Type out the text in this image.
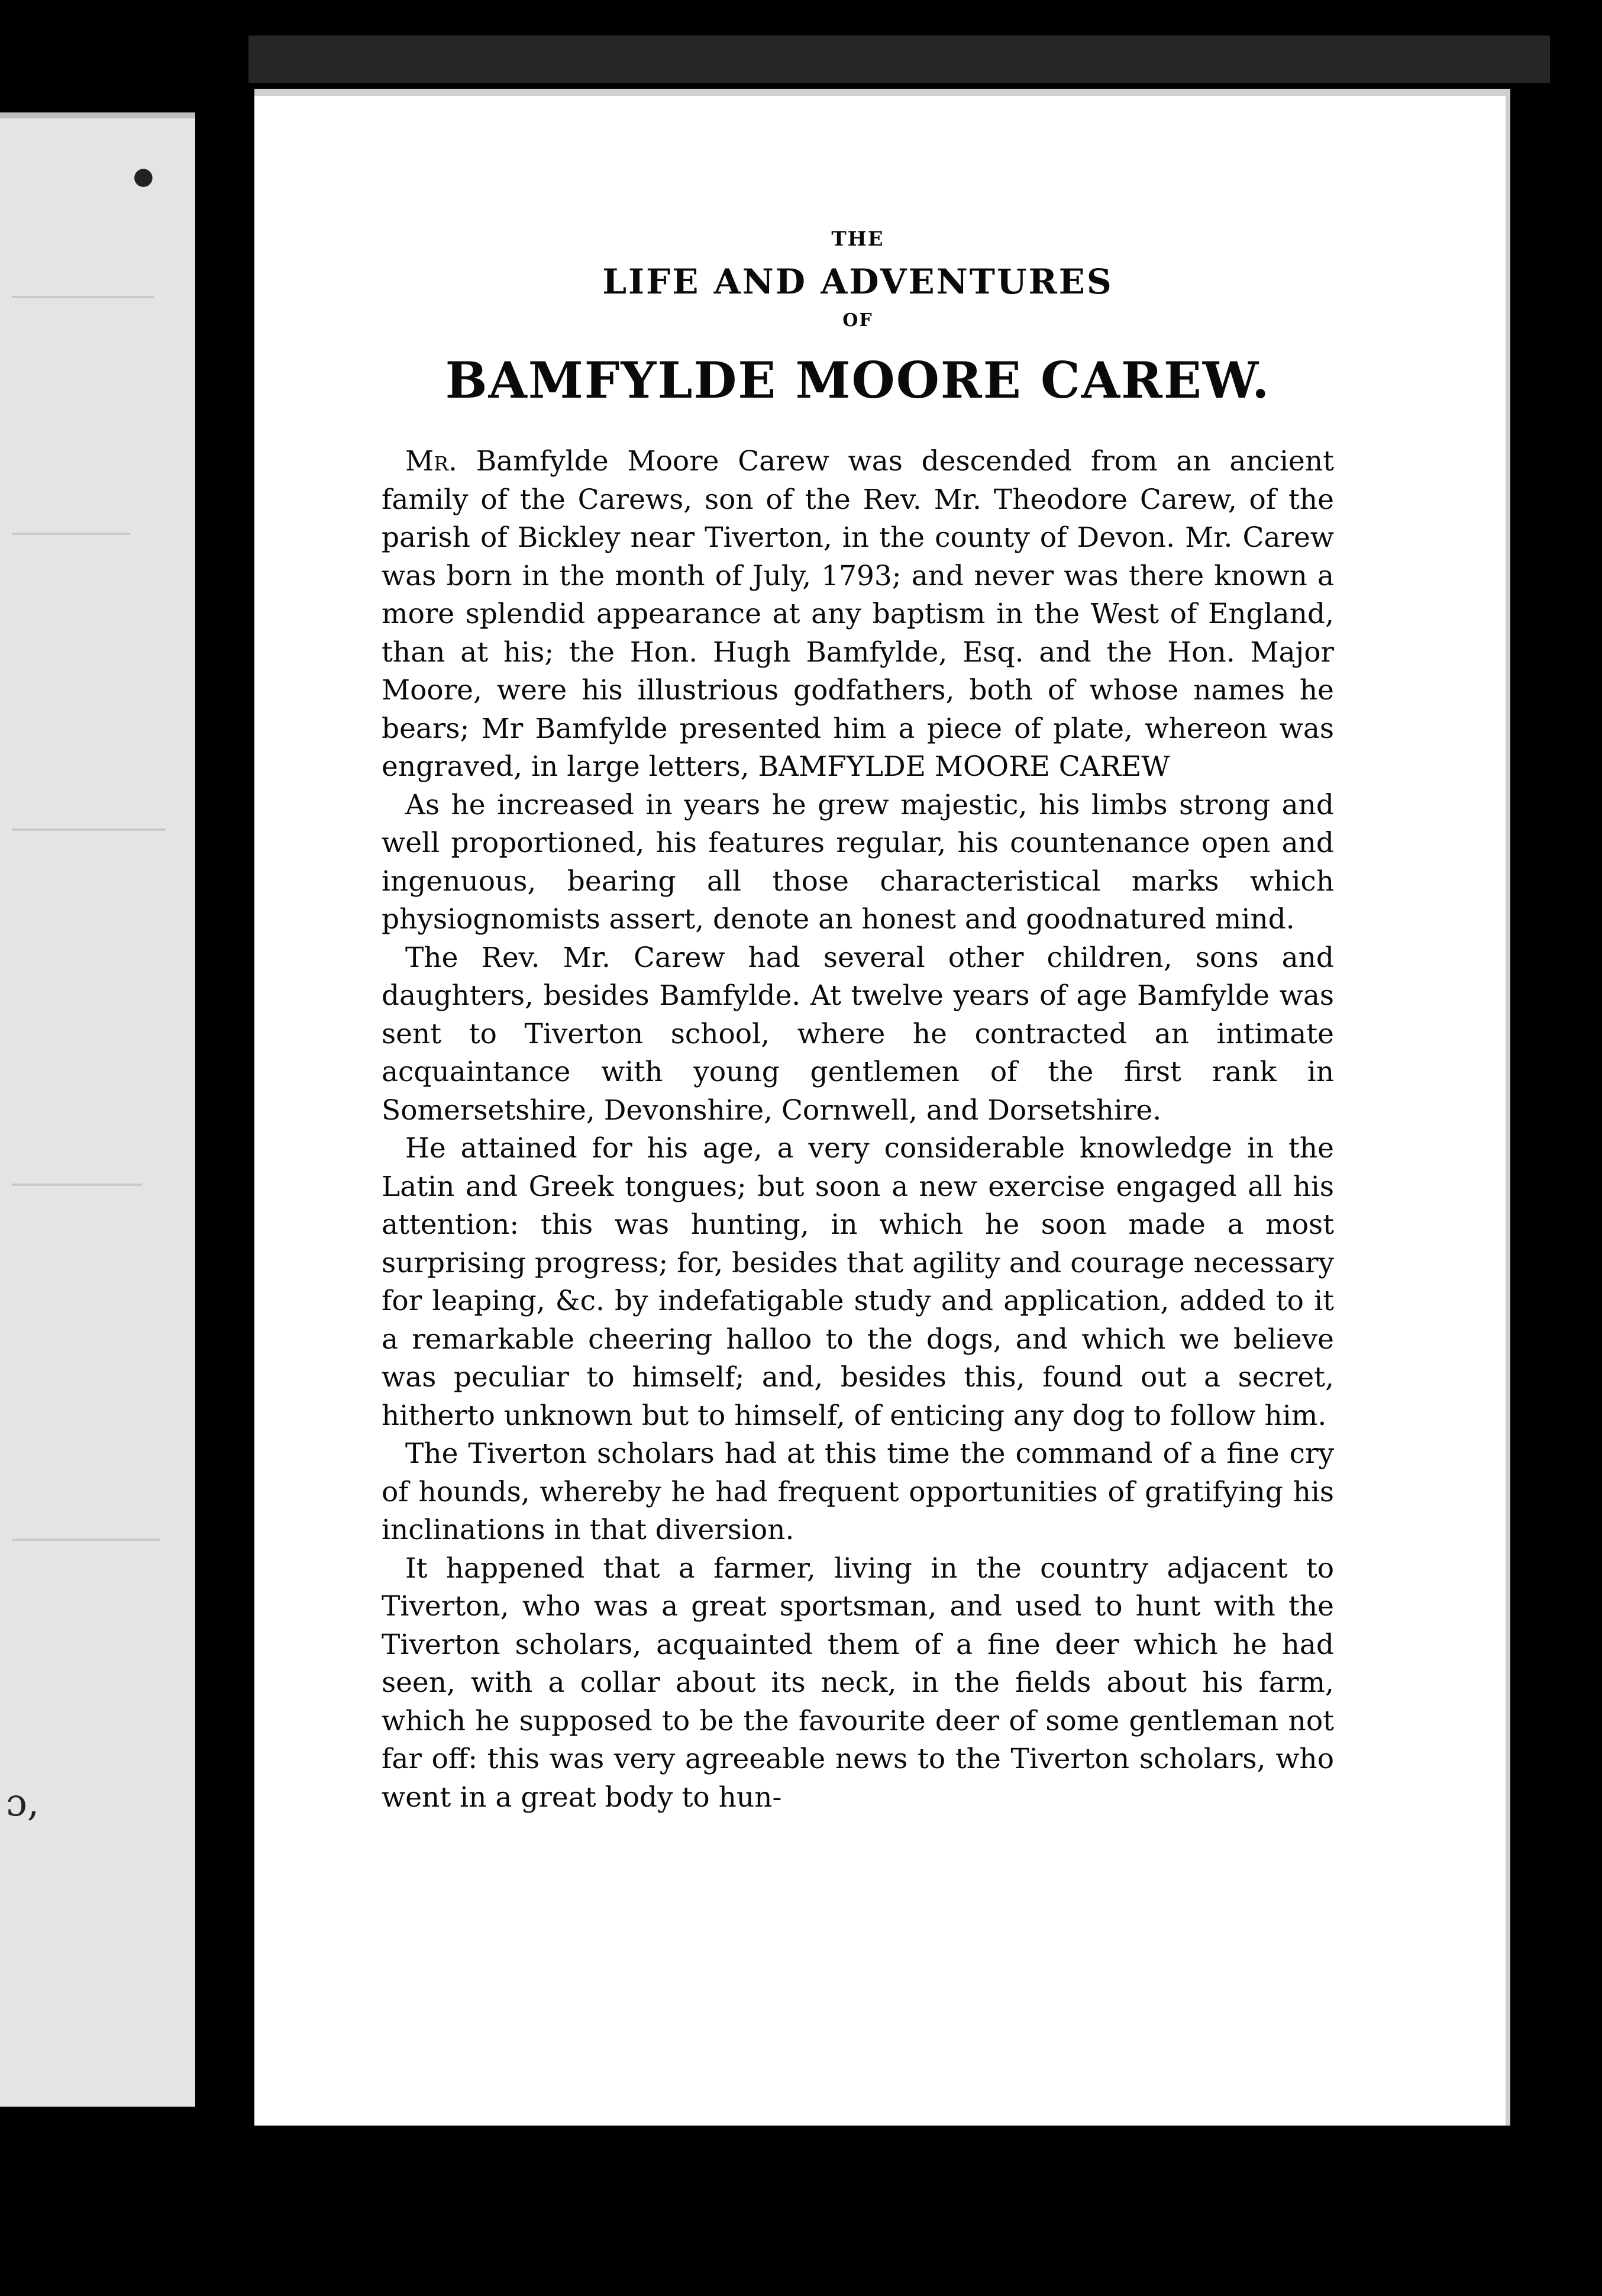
●
ɔ,
THE
LIFE AND ADVENTURES
OF
BAMFYLDE MOORE CAREW.

Mr. Bamfylde Moore Carew was descended from an ancient family of the Carews, son of the Rev. Mr. Theodore Carew, of the parish of Bickley near Tiverton, in the county of Devon. Mr. Carew was born in the month of July, 1793; and never was there known a more splendid appearance at any baptism in the West of England, than at his; the Hon. Hugh Bamfylde, Esq. and the Hon. Major Moore, were his illustrious godfathers, both of whose names he bears; Mr Bamfylde presented him a piece of plate, whereon was engraved, in large letters, BAMFYLDE MOORE CAREW

As he increased in years he grew majestic, his limbs strong and well proportioned, his features regular, his countenance open and ingenuous, bearing all those characteristical marks which physiognomists assert, denote an honest and goodnatured mind.

The Rev. Mr. Carew had several other children, sons and daughters, besides Bamfylde. At twelve years of age Bamfylde was sent to Tiverton school, where he contracted an intimate acquaintance with young gentlemen of the first rank in Somersetshire, Devonshire, Cornwell, and Dorsetshire.

He attained for his age, a very considerable knowledge in the Latin and Greek tongues; but soon a new exercise engaged all his attention: this was hunting, in which he soon made a most surprising progress; for, besides that agility and courage necessary for leaping, &c. by indefatigable study and application, added to it a remarkable cheering halloo to the dogs, and which we believe was peculiar to himself; and, besides this, found out a secret, hitherto unknown but to himself, of enticing any dog to follow him.

The Tiverton scholars had at this time the command of a fine cry of hounds, whereby he had frequent opportunities of gratifying his inclinations in that diversion.

It happened that a farmer, living in the country adjacent to Tiverton, who was a great sportsman, and used to hunt with the Tiverton scholars, acquainted them of a fine deer which he had seen, with a collar about its neck, in the fields about his farm, which he supposed to be the favourite deer of some gentleman not far off: this was very agreeable news to the Tiverton scholars, who went in a great body to hun-
